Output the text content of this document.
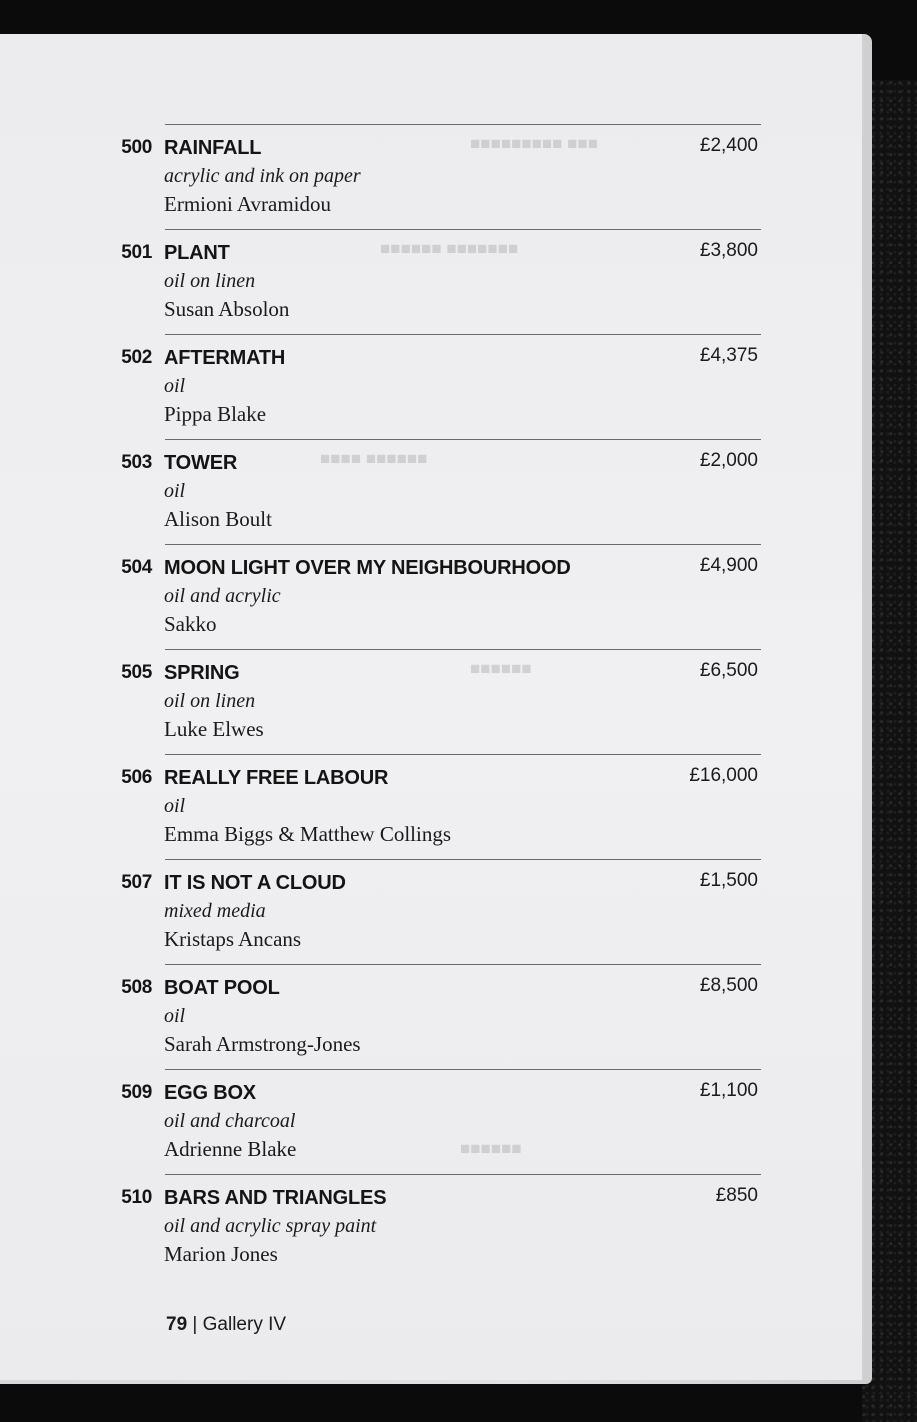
■■■ ■■■■■■■■■
■■■■■■■ ■■■■■■
■■■■■■ ■■■■
■■■■■■
■■■■■■
500 RAINFALL
acrylic and ink on paper
Ermioni Avramidou
£2,400
501 PLANT
oil on linen
Susan Absolon
£3,800
502 AFTERMATH
oil
Pippa Blake
£4,375
503 TOWER
oil
Alison Boult
£2,000
504 MOON LIGHT OVER MY NEIGHBOURHOOD
oil and acrylic
Sakko
£4,900
505 SPRING
oil on linen
Luke Elwes
£6,500
506 REALLY FREE LABOUR
oil
Emma Biggs & Matthew Collings
£16,000
507 IT IS NOT A CLOUD
mixed media
Kristaps Ancans
£1,500
508 BOAT POOL
oil
Sarah Armstrong-Jones
£8,500
509 EGG BOX
oil and charcoal
Adrienne Blake
£1,100
510 BARS AND TRIANGLES
oil and acrylic spray paint
Marion Jones
£850
79 | Gallery IV
